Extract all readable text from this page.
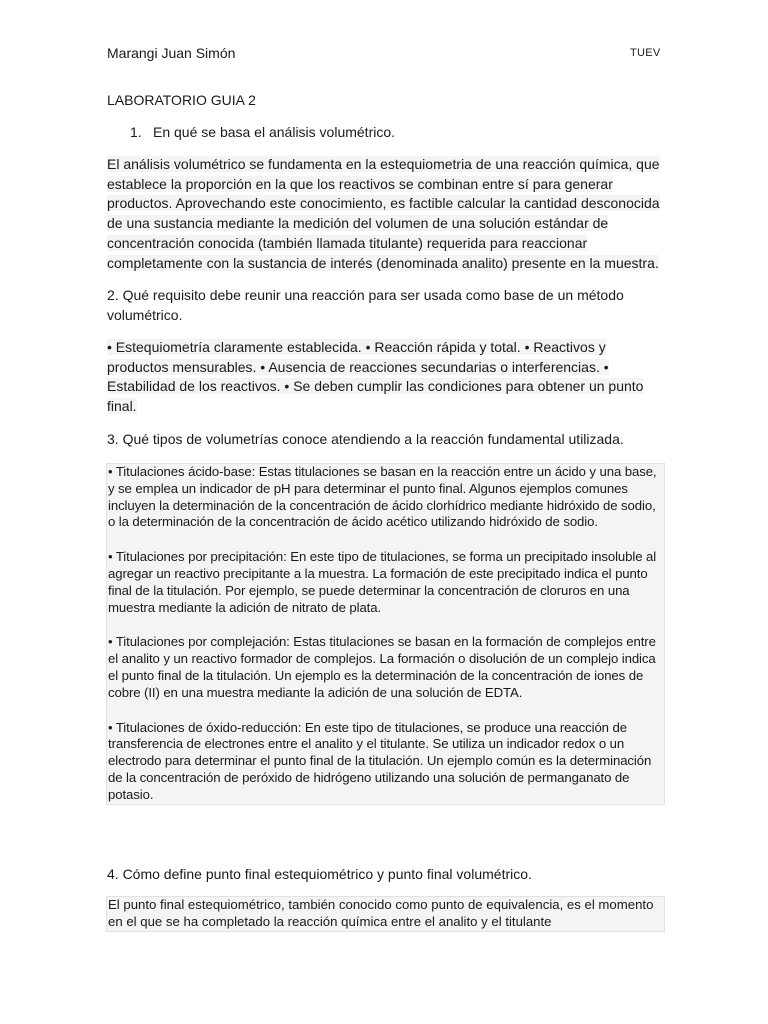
Marangi Juan Simón	TUEV
LABORATORIO GUIA 2
1. En qué se basa el análisis volumétrico.
El análisis volumétrico se fundamenta en la estequiometria de una reacción química, que establece la proporción en la que los reactivos se combinan entre sí para generar productos. Aprovechando este conocimiento, es factible calcular la cantidad desconocida de una sustancia mediante la medición del volumen de una solución estándar de concentración conocida (también llamada titulante) requerida para reaccionar completamente con la sustancia de interés (denominada analito) presente en la muestra.
2. Qué requisito debe reunir una reacción para ser usada como base de un método volumétrico.
• Estequiometría claramente establecida. • Reacción rápida y total. • Reactivos y productos mensurables. • Ausencia de reacciones secundarias o interferencias. • Estabilidad de los reactivos. • Se deben cumplir las condiciones para obtener un punto final.
3. Qué tipos de volumetrías conoce atendiendo a la reacción fundamental utilizada.

• Titulaciones ácido-base: Estas titulaciones se basan en la reacción entre un ácido y una base, y se emplea un indicador de pH para determinar el punto final. Algunos ejemplos comunes incluyen la determinación de la concentración de ácido clorhídrico mediante hidróxido de sodio, o la determinación de la concentración de ácido acético utilizando hidróxido de sodio.

• Titulaciones por precipitación: En este tipo de titulaciones, se forma un precipitado insoluble al agregar un reactivo precipitante a la muestra. La formación de este precipitado indica el punto final de la titulación. Por ejemplo, se puede determinar la concentración de cloruros en una muestra mediante la adición de nitrato de plata.

• Titulaciones por complejación: Estas titulaciones se basan en la formación de complejos entre el analito y un reactivo formador de complejos. La formación o disolución de un complejo indica el punto final de la titulación. Un ejemplo es la determinación de la concentración de iones de cobre (II) en una muestra mediante la adición de una solución de EDTA.

• Titulaciones de óxido-reducción: En este tipo de titulaciones, se produce una reacción de transferencia de electrones entre el analito y el titulante. Se utiliza un indicador redox o un electrodo para determinar el punto final de la titulación. Un ejemplo común es la determinación de la concentración de peróxido de hidrógeno utilizando una solución de permanganato de potasio.

4. Cómo define punto final estequiométrico y punto final volumétrico.

El punto final estequiométrico, también conocido como punto de equivalencia, es el momento en el que se ha completado la reacción química entre el analito y el titulante
